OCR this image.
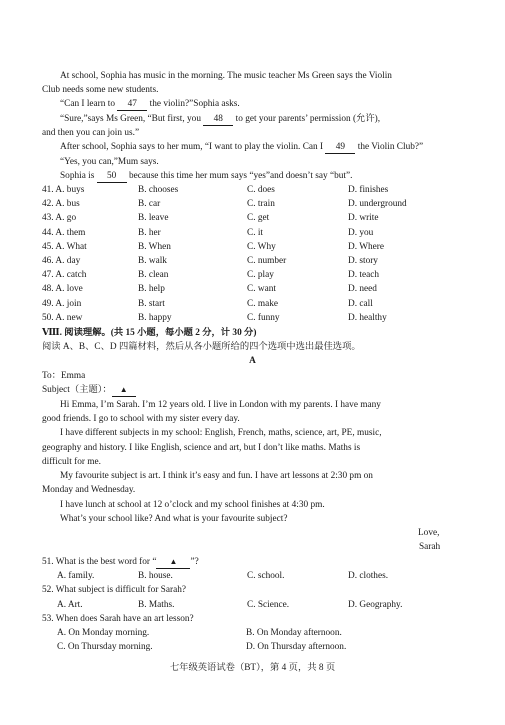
At school, Sophia has music in the morning. The music teacher Ms Green says the Violin
Club needs some new students.
“Can I learn to 47 the violin?”Sophia asks.
“Sure,”says Ms Green, “But first, you 48 to get your parents’ permission (允许),
and then you can join us.”
After school, Sophia says to her mum, “I want to play the violin. Can I 49 the Violin Club?”
“Yes, you can,”Mum says.
Sophia is 50 because this time her mum says “yes”and doesn’t say “but”.
41. A. buys	B. chooses	C. does	D. finishes
42. A. bus	B. car	C. train	D. underground
43. A. go	B. leave	C. get	D. write
44. A. them	B. her	C. it	D. you
45. A. What	B. When	C. Why	D. Where
46. A. day	B. walk	C. number	D. story
47. A. catch	B. clean	C. play	D. teach
48. A. love	B. help	C. want	D. need
49. A. join	B. start	C. make	D. call
50. A. new	B. happy	C. funny	D. healthy
Ⅷ. 阅读理解。(共 15 小题，每小题 2 分，计 30 分)
阅读 A、B、C、D 四篇材料，然后从各小题所给的四个选项中选出最佳选项。
A
To：Emma
Subject（主题）： ▲
Hi Emma, I’m Sarah. I’m 12 years old. I live in London with my parents. I have many
good friends. I go to school with my sister every day.
I have different subjects in my school: English, French, maths, science, art, PE, music,
geography and history. I like English, science and art, but I don’t like maths. Maths is
difficult for me.
My favourite subject is art. I think it’s easy and fun. I have art lessons at 2:30 pm on
Monday and Wednesday.
I have lunch at school at 12 o’clock and my school finishes at 4:30 pm.
What’s your school like? And what is your favourite subject?
Love,
Sarah
51. What is the best word for “ ▲ ”?
A. family.	B. house.	C. school.	D. clothes.
52. What subject is difficult for Sarah?
A. Art.	B. Maths.	C. Science.	D. Geography.
53. When does Sarah have an art lesson?
A. On Monday morning.	B. On Monday afternoon.
C. On Thursday morning.	D. On Thursday afternoon.
七年级英语试卷（BT），第 4 页，共 8 页
